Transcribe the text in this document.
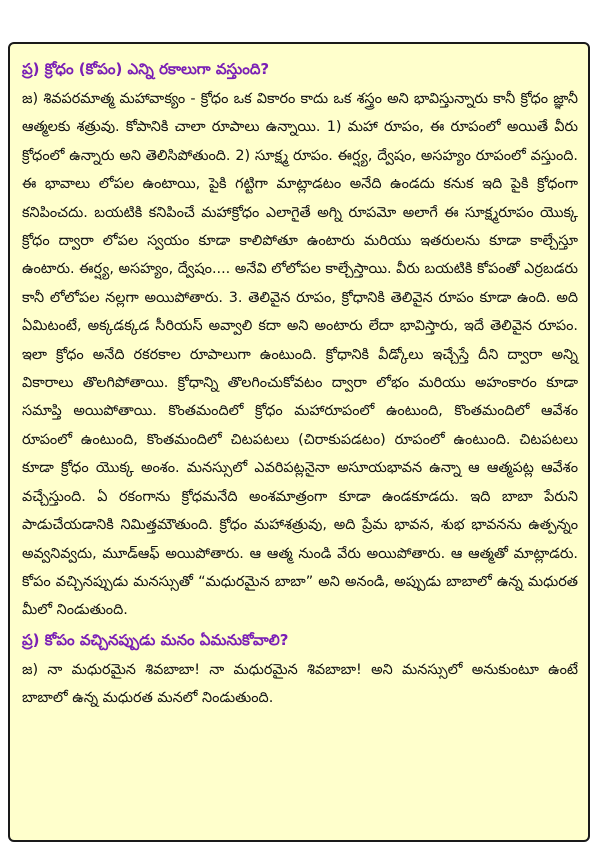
ప్ర) క్రోధం (కోపం) ఎన్ని రకాలుగా వస్తుంది?

జ) శివపరమాత్మ మహావాక్యం - క్రోధం ఒక వికారం కాదు ఒక శస్త్రం అని భావిస్తున్నారు కానీ క్రోధం జ్ఞానీ ఆత్మలకు శత్రువు. కోపానికి చాలా రూపాలు ఉన్నాయి. 1) మహా రూపం, ఈ రూపంలో అయితే వీరు క్రోధంలో ఉన్నారు అని తెలిసిపోతుంది. 2) సూక్ష్మ రూపం. ఈర్ష్య, ద్వేషం, అసహ్యం రూపంలో వస్తుంది. ఈ భావాలు లోపల ఉంటాయి, పైకి గట్టిగా మాట్లాడటం అనేది ఉండదు కనుక ఇది పైకి క్రోధంగా కనిపించదు. బయటికి కనిపించే మహాక్రోధం ఎలాగైతే అగ్ని రూపమో అలాగే ఈ సూక్ష్మరూపం యొక్క క్రోధం ద్వారా లోపల స్వయం కూడా కాలిపోతూ ఉంటారు మరియు ఇతరులను కూడా కాల్చేస్తూ ఉంటారు. ఈర్ష్య, అసహ్యం, ద్వేషం.... అనేవి లోలోపల కాల్చేస్తాయి. వీరు బయటికి కోపంతో ఎర్రబడరు కానీ లోలోపల నల్లగా అయిపోతారు. 3. తెలివైన రూపం, క్రోధానికి తెలివైన రూపం కూడా ఉంది. అది ఏమిటంటే, అక్కడక్కడ సీరియస్ అవ్వాలి కదా అని అంటారు లేదా భావిస్తారు, ఇదే తెలివైన రూపం. ఇలా క్రోధం అనేది రకరకాల రూపాలుగా ఉంటుంది. క్రోధానికి వీడ్కోలు ఇచ్చేస్తే దీని ద్వారా అన్ని వికారాలు తొలగిపోతాయి. క్రోధాన్ని తొలగించుకోవటం ద్వారా లోభం మరియు అహంకారం కూడా సమాప్తి అయిపోతాయి. కొంతమందిలో క్రోధం మహారూపంలో ఉంటుంది, కొంతమందిలో ఆవేశం రూపంలో ఉంటుంది, కొంతమందిలో చిటపటలు (చిరాకుపడటం) రూపంలో ఉంటుంది. చిటపటలు కూడా క్రోధం యొక్క అంశం. మనస్సులో ఎవరిపట్లనైనా అసూయభావన ఉన్నా ఆ ఆత్మపట్ల ఆవేశం వచ్చేస్తుంది. ఏ రకంగాను క్రోధమనేది అంశమాత్రంగా కూడా ఉండకూడదు. ఇది బాబా పేరుని పాడుచేయడానికి నిమిత్తమౌతుంది. క్రోధం మహాశత్రువు, అది ప్రేమ భావన, శుభ భావనను ఉత్పన్నం అవ్వనివ్వదు, మూడ్ఆఫ్ అయిపోతారు. ఆ ఆత్మ నుండి వేరు అయిపోతారు. ఆ ఆత్మతో మాట్లాడరు. కోపం వచ్చినప్పుడు మనస్సుతో “మధురమైన బాబా” అని అనండి, అప్పుడు బాబాలో ఉన్న మధురత మీలో నిండుతుంది.

ప్ర) కోపం వచ్చినప్పుడు మనం ఏమనుకోవాలి?

జ) నా మధురమైన శివబాబా! నా మధురమైన శివబాబా! అని మనస్సులో అనుకుంటూ ఉంటే బాబాలో ఉన్న మధురత మనలో నిండుతుంది.
